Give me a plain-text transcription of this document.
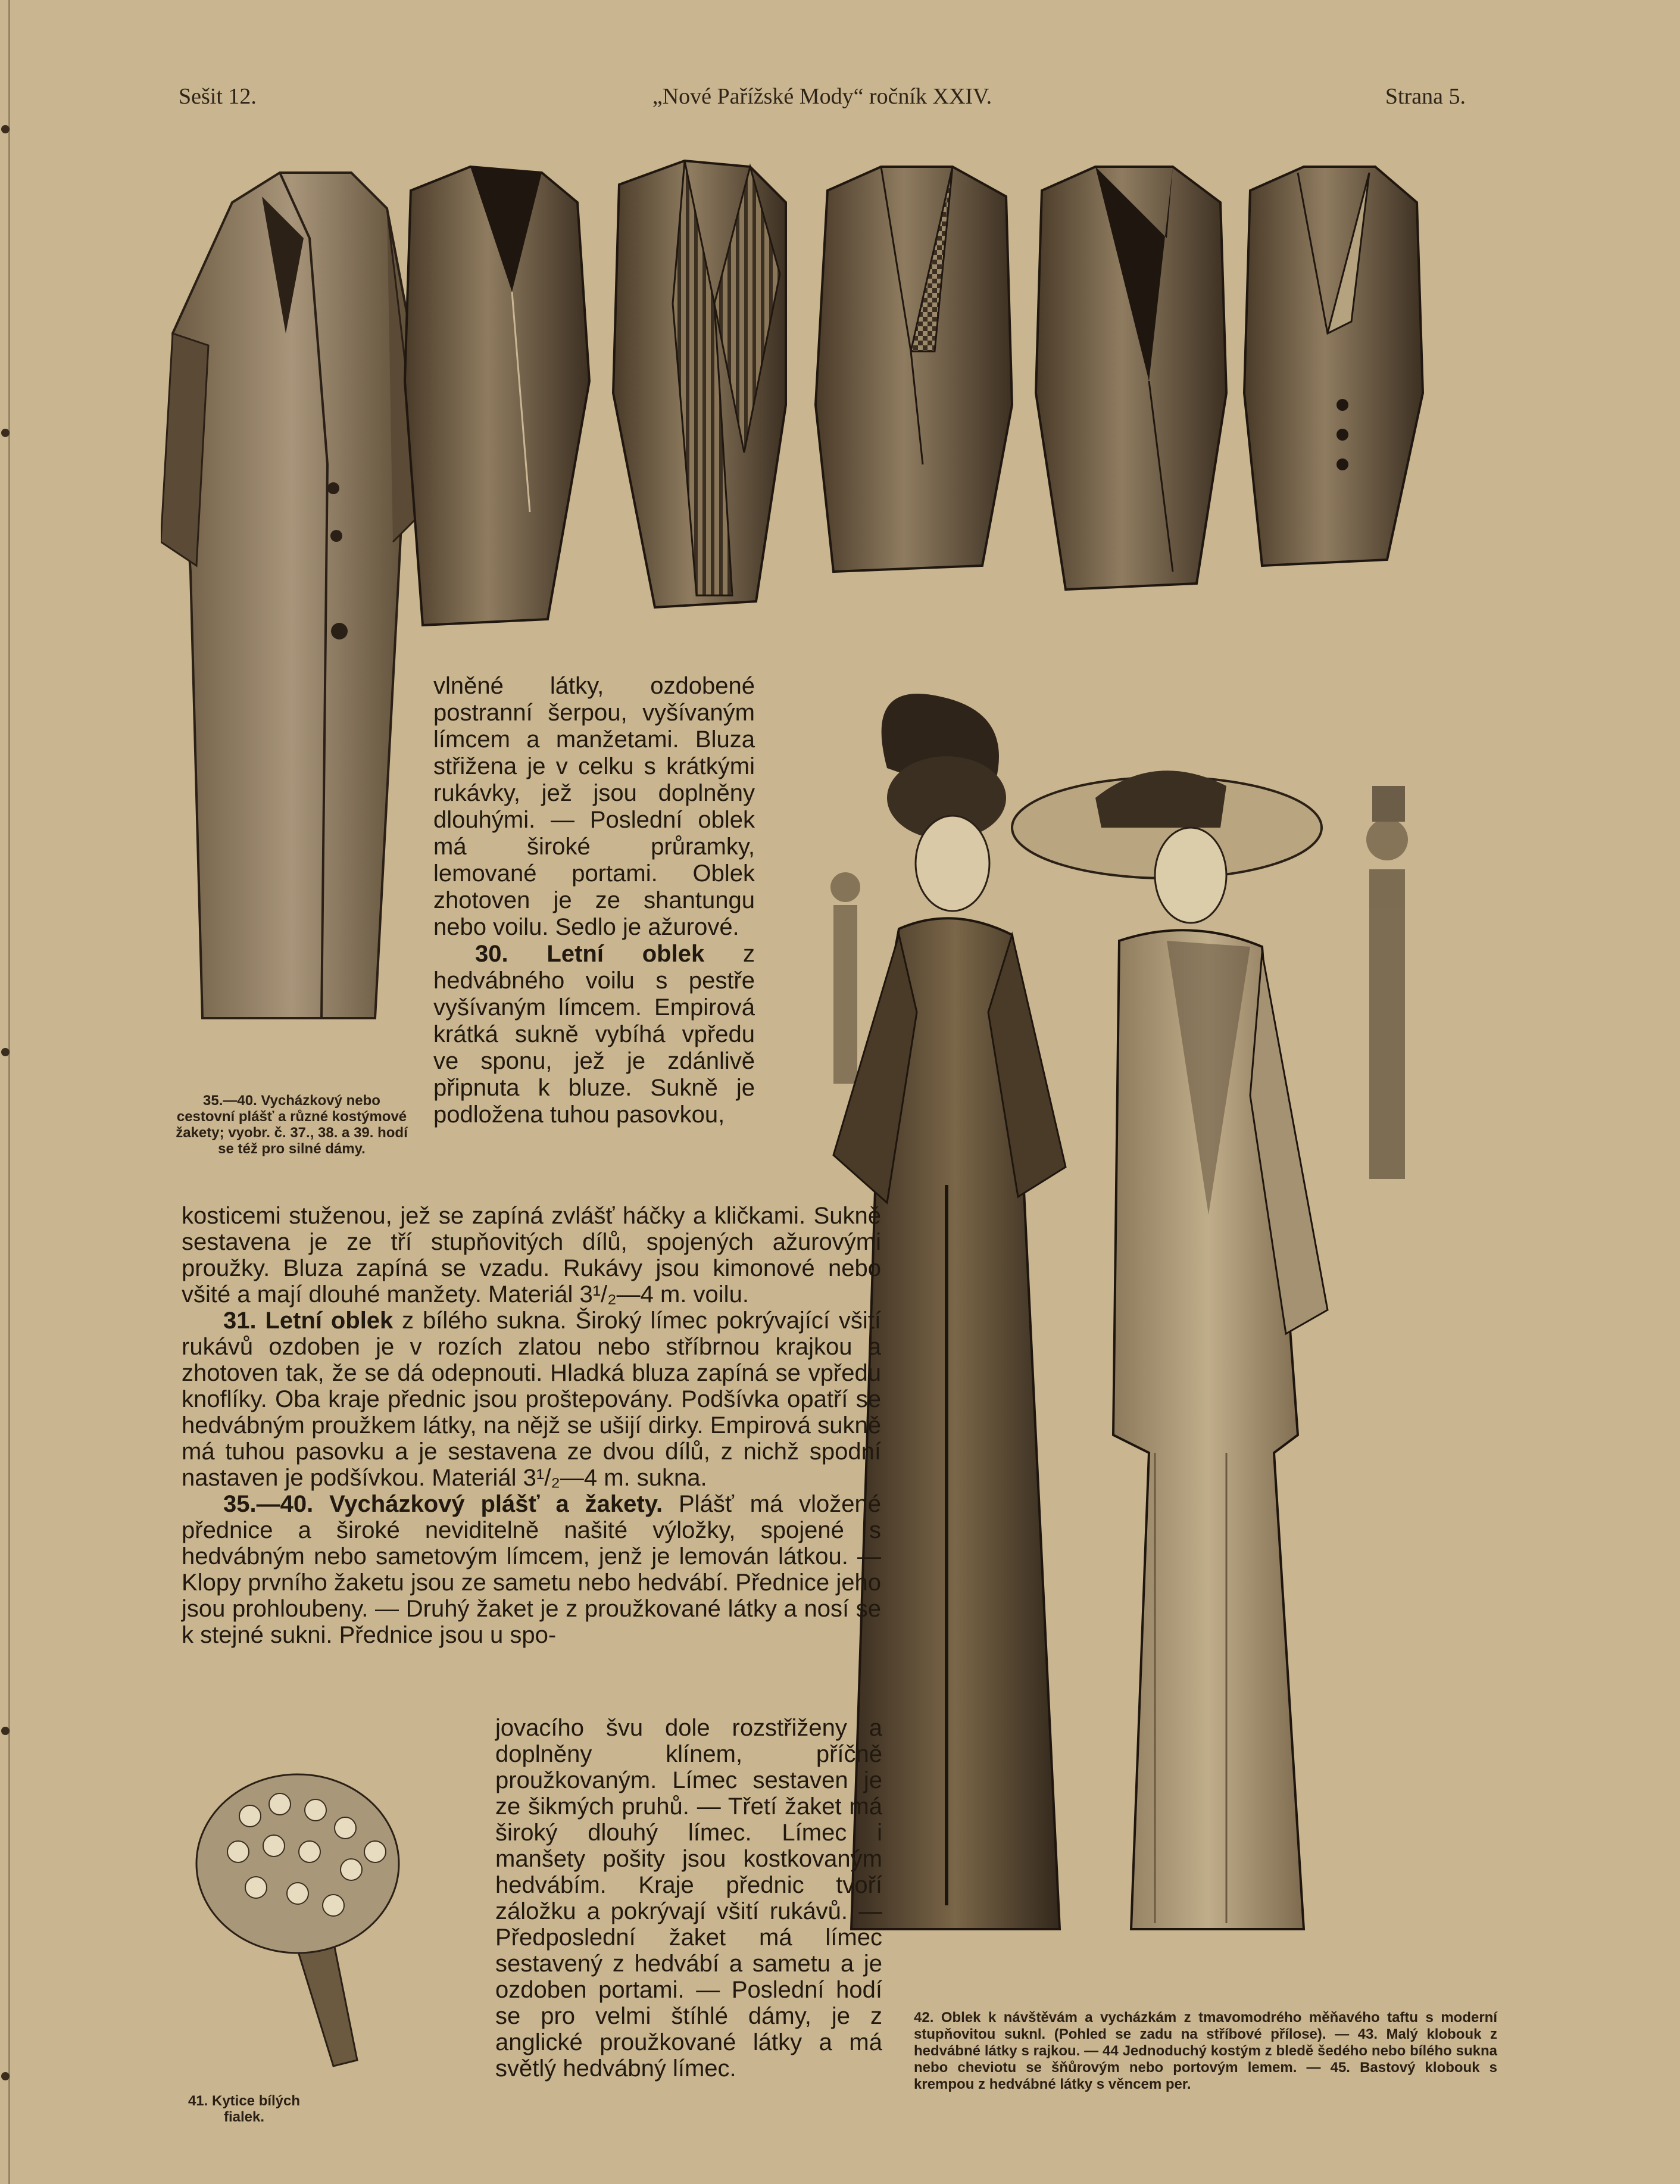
Sešit 12.	„Nové Pařížské Mody“ ročník XXIV.	Strana 5.
35.—40. Vycházkový nebo cestovní plášť a různé kostýmové žakety; vyobr. č. 37., 38. a 39. hodí se též pro silné dámy.
42. Oblek k návštěvám a vycházkám z tmavomodrého měňavého taftu s moderní stupňovitou suknl. (Pohled se zadu na stříbové přílose). — 43. Malý klobouk z hedvábné látky s rajkou. — 44 Jednoduchý kostým z bledě šedého nebo bílého sukna nebo cheviotu se šňůrovým nebo portovým lemem. — 45. Bastový klobouk s krempou z hedvábné látky s věncem per.
41. Kytice bílých fialek.

vlněné látky, ozdobené postranní šerpou, vyšívaným límcem a manžetami. Bluza střižena je v celku s krátkými rukávky, jež jsou doplněny dlouhými. — Poslední oblek má široké průramky, lemované portami. Oblek zhotoven je ze shantungu nebo voilu. Sedlo je ažurové.

30. Letní oblek z hedvábného voilu s pestře vyšívaným límcem. Empirová krátká sukně vybíhá vpředu ve sponu, jež je zdánlivě připnuta k bluze. Sukně je podložena tuhou pasovkou,

kosticemi stuženou, jež se zapíná zvlášť háčky a kličkami. Sukně sestavena je ze tří stupňovitých dílů, spojených ažurovými proužky. Bluza zapíná se vzadu. Rukávy jsou kimonové nebo všité a mají dlouhé manžety. Materiál 3¹/₂—4 m. voilu.

31. Letní oblek z bílého sukna. Široký límec pokrývající všití rukávů ozdoben je v rozích zlatou nebo stříbrnou krajkou a zhotoven tak, že se dá odepnouti. Hladká bluza zapíná se vpředu knoflíky. Oba kraje přednic jsou proštepovány. Podšívka opatří se hedvábným proužkem látky, na nějž se ušijí dirky. Empirová sukně má tuhou pasovku a je sestavena ze dvou dílů, z nichž spodní nastaven je podšívkou. Materiál 3¹/₂—4 m. sukna.

35.—40. Vycházkový plášť a žakety. Plášť má vložené přednice a široké neviditelně našité výložky, spojené s hedvábným nebo sametovým límcem, jenž je lemován látkou. — Klopy prvního žaketu jsou ze sametu nebo hedvábí. Přednice jeho jsou prohloubeny. — Druhý žaket je z proužkované látky a nosí se k stejné sukni. Přednice jsou u spo-

jovacího švu dole rozstřiženy a doplněny klínem, příčně proužkovaným. Límec sestaven je ze šikmých pruhů. — Třetí žaket má široký dlouhý límec. Límec i manšety pošity jsou kostkovaným hedvábím. Kraje přednic tvoří záložku a pokrývají všití rukávů. — Předposlední žaket má límec sestavený z hedvábí a sametu a je ozdoben portami. — Poslední hodí se pro velmi štíhlé dámy, je z anglické proužkované látky a má světlý hedvábný límec.
